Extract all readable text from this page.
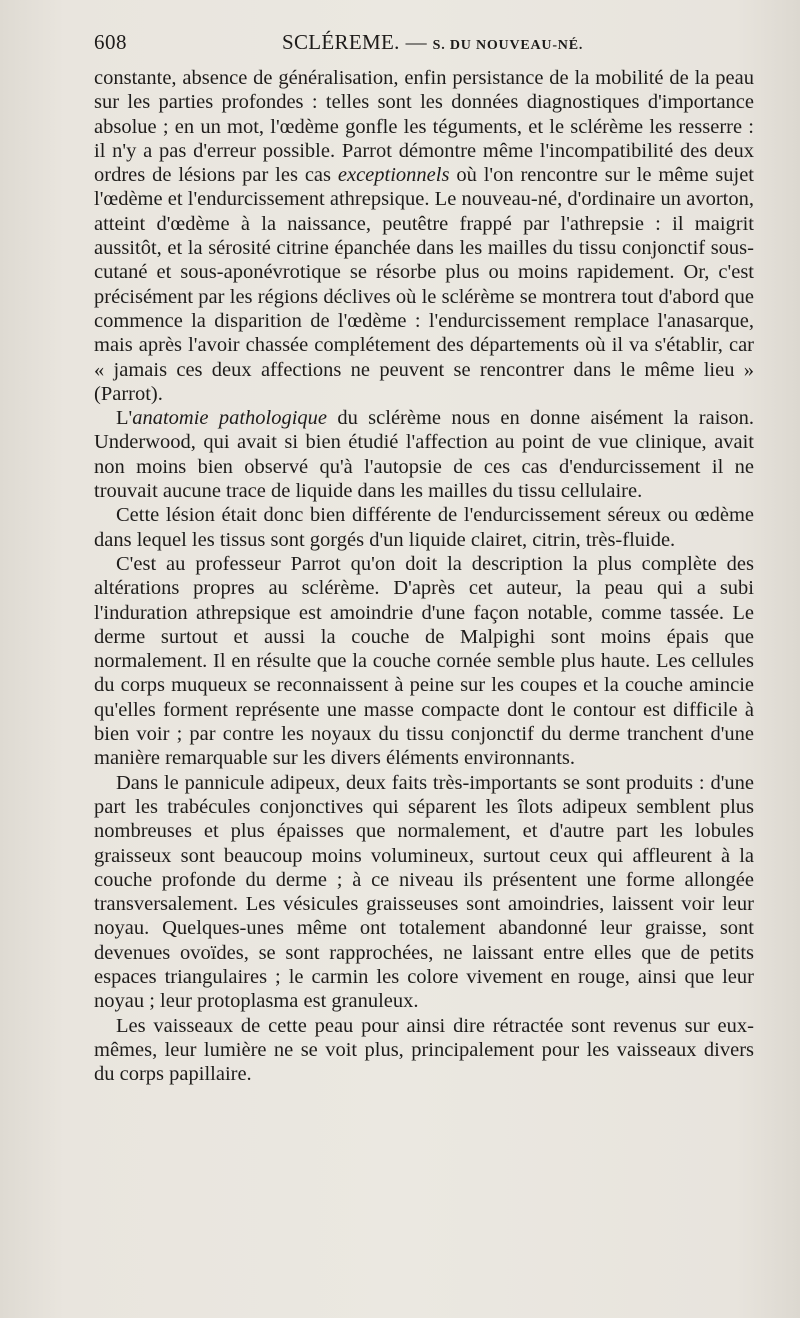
608	SCLÉREME. — S. DU NOUVEAU-NÉ.

constante, absence de généralisation, enfin persistance de la mobilité de la peau sur les parties profondes : telles sont les données diagnostiques d'importance absolue ; en un mot, l'œdème gonfle les téguments, et le sclérème les resserre : il n'y a pas d'erreur possible. Parrot démontre même l'incompatibilité des deux ordres de lésions par les cas exceptionnels où l'on rencontre sur le même sujet l'œdème et l'endurcissement athrepsique. Le nouveau-né, d'ordinaire un avorton, atteint d'œdème à la naissance, peutêtre frappé par l'athrepsie : il maigrit aussitôt, et la sérosité citrine épanchée dans les mailles du tissu conjonctif sous-cutané et sous-aponévrotique se résorbe plus ou moins rapidement. Or, c'est précisément par les régions déclives où le sclérème se montrera tout d'abord que commence la disparition de l'œdème : l'endurcissement remplace l'anasarque, mais après l'avoir chassée complétement des départements où il va s'établir, car « jamais ces deux affections ne peuvent se rencontrer dans le même lieu » (Parrot).

L'anatomie pathologique du sclérème nous en donne aisément la raison. Underwood, qui avait si bien étudié l'affection au point de vue clinique, avait non moins bien observé qu'à l'autopsie de ces cas d'endurcissement il ne trouvait aucune trace de liquide dans les mailles du tissu cellulaire.

Cette lésion était donc bien différente de l'endurcissement séreux ou œdème dans lequel les tissus sont gorgés d'un liquide clairet, citrin, très-fluide.

C'est au professeur Parrot qu'on doit la description la plus complète des altérations propres au sclérème. D'après cet auteur, la peau qui a subi l'induration athrepsique est amoindrie d'une façon notable, comme tassée. Le derme surtout et aussi la couche de Malpighi sont moins épais que normalement. Il en résulte que la couche cornée semble plus haute. Les cellules du corps muqueux se reconnaissent à peine sur les coupes et la couche amincie qu'elles forment représente une masse compacte dont le contour est difficile à bien voir ; par contre les noyaux du tissu conjonctif du derme tranchent d'une manière remarquable sur les divers éléments environnants.

Dans le pannicule adipeux, deux faits très-importants se sont produits : d'une part les trabécules conjonctives qui séparent les îlots adipeux semblent plus nombreuses et plus épaisses que normalement, et d'autre part les lobules graisseux sont beaucoup moins volumineux, surtout ceux qui affleurent à la couche profonde du derme ; à ce niveau ils présentent une forme allongée transversalement. Les vésicules graisseuses sont amoindries, laissent voir leur noyau. Quelques-unes même ont totalement abandonné leur graisse, sont devenues ovoïdes, se sont rapprochées, ne laissant entre elles que de petits espaces triangulaires ; le carmin les colore vivement en rouge, ainsi que leur noyau ; leur protoplasma est granuleux.

Les vaisseaux de cette peau pour ainsi dire rétractée sont revenus sur eux-mêmes, leur lumière ne se voit plus, principalement pour les vaisseaux divers du corps papillaire.
